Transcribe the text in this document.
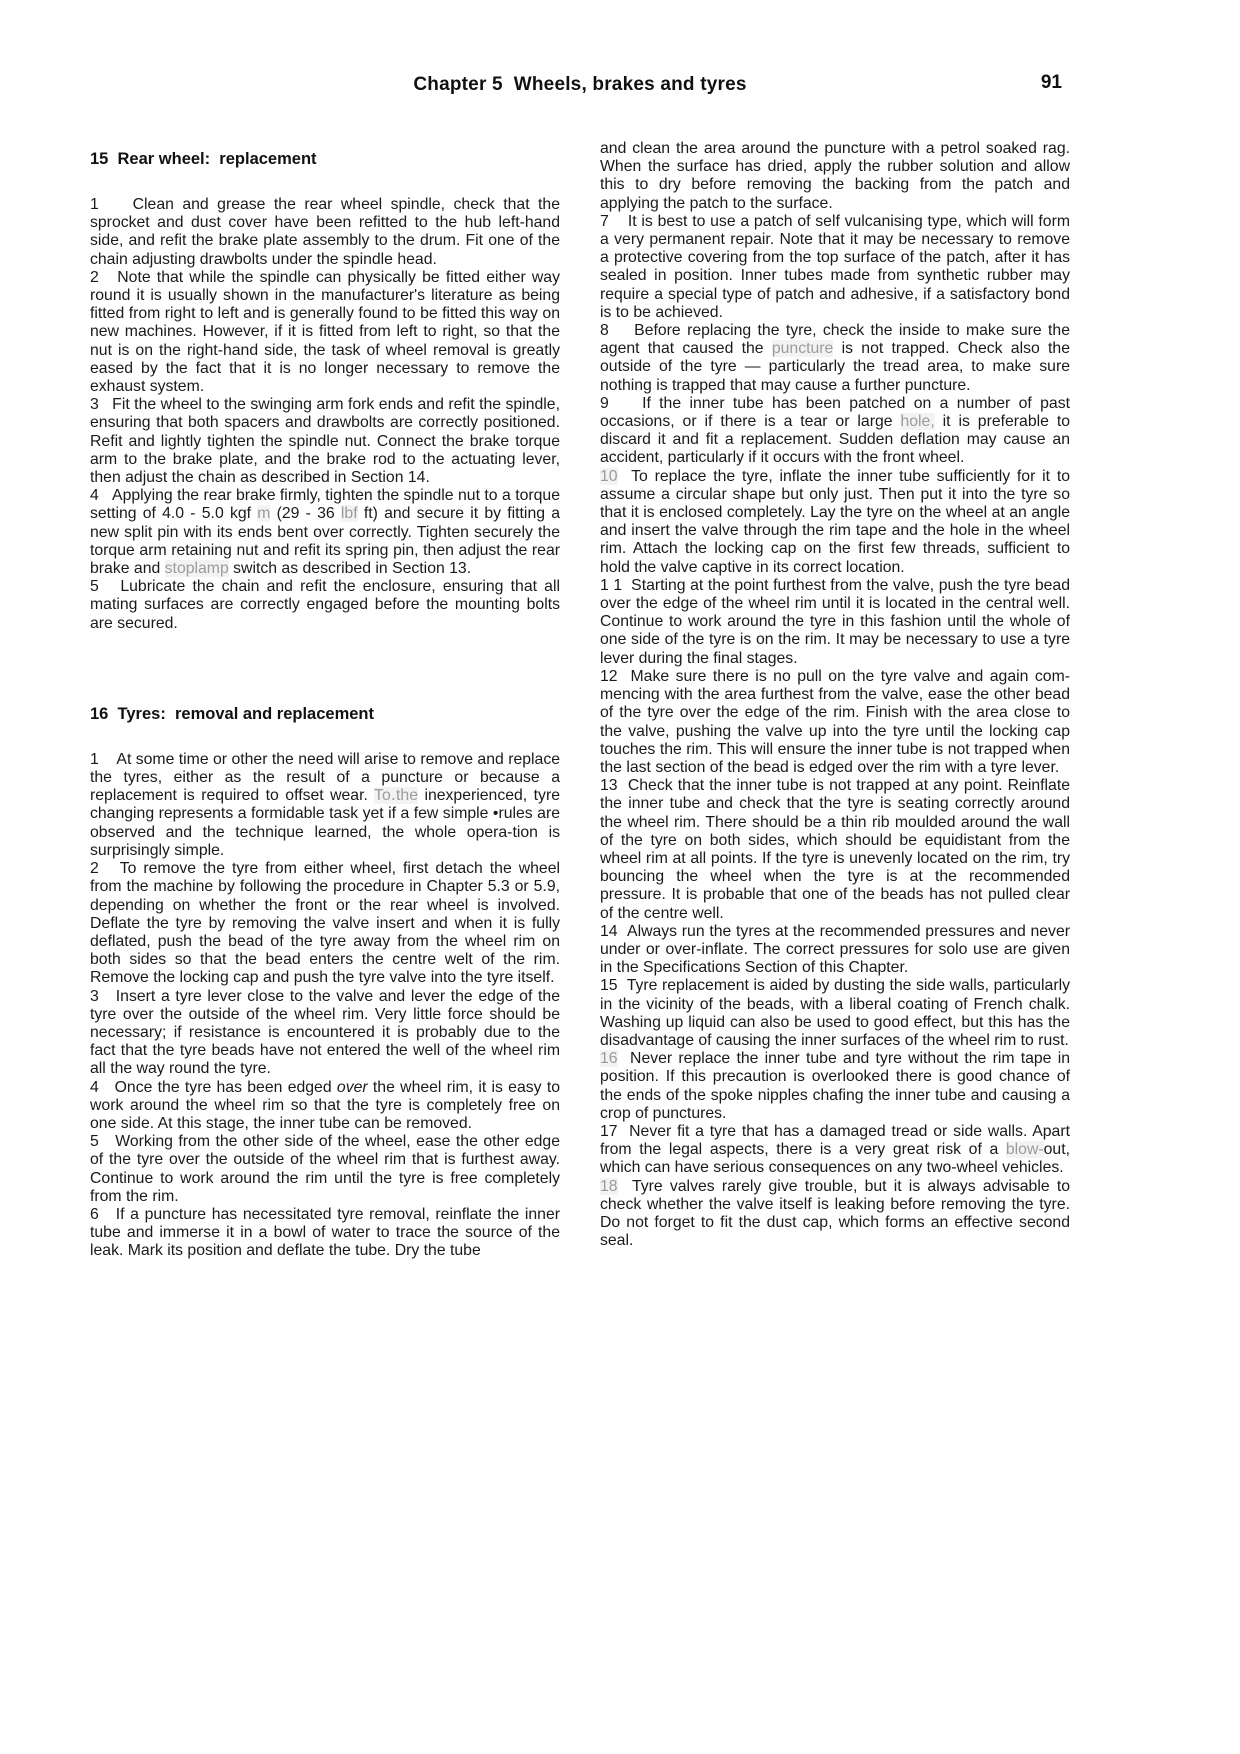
Chapter 5  Wheels, brakes and tyres	91
15  Rear wheel:  replacement

1    Clean and grease the rear wheel spindle, check that the sprocket and dust cover have been refitted to the hub left-hand side, and refit the brake plate assembly to the drum. Fit one of the chain adjusting drawbolts under the spindle head.

2   Note that while the spindle can physically be fitted either way round it is usually shown in the manufacturer's literature as being fitted from right to left and is generally found to be fitted this way on new machines. However, if it is fitted from left to right, so that the nut is on the right-hand side, the task of wheel removal is greatly eased by the fact that it is no longer necessary to remove the exhaust system.

3   Fit the wheel to the swinging arm fork ends and refit the spindle, ensuring that both spacers and drawbolts are correctly positioned. Refit and lightly tighten the spindle nut. Connect the brake torque arm to the brake plate, and the brake rod to the actuating lever, then adjust the chain as described in Section 14.

4   Applying the rear brake firmly, tighten the spindle nut to a torque setting of 4.0 - 5.0 kgf m (29 - 36 lbf ft) and secure it by fitting a new split pin with its ends bent over correctly. Tighten securely the torque arm retaining nut and refit its spring pin, then adjust the rear brake and stoplamp switch as described in Section 13.

5   Lubricate the chain and refit the enclosure, ensuring that all mating surfaces are correctly engaged before the mounting bolts are secured.

16  Tyres:  removal and replacement

1    At some time or other the need will arise to remove and replace the tyres, either as the result of a puncture or because a replacement is required to offset wear. To․the inexperienced, tyre changing represents a formidable task yet if a few simple •rules are observed and the technique learned, the whole opera-tion is surprisingly simple.

2   To remove the tyre from either wheel, first detach the wheel from the machine by following the procedure in Chapter 5.3 or 5.9, depending on whether the front or the rear wheel is involved. Deflate the tyre by removing the valve insert and when it is fully deflated, push the bead of the tyre away from the wheel rim on both sides so that the bead enters the centre welt of the rim. Remove the locking cap and push the tyre valve into the tyre itself.

3   Insert a tyre lever close to the valve and lever the edge of the tyre over the outside of the wheel rim. Very little force should be necessary; if resistance is encountered it is probably due to the fact that the tyre beads have not entered the well of the wheel rim all the way round the tyre.

4   Once the tyre has been edged over the wheel rim, it is easy to work around the wheel rim so that the tyre is completely free on one side. At this stage, the inner tube can be removed.

5   Working from the other side of the wheel, ease the other edge of the tyre over the outside of the wheel rim that is furthest away. Continue to work around the rim until the tyre is free completely from the rim.

6   If a puncture has necessitated tyre removal, reinflate the inner tube and immerse it in a bowl of water to trace the source of the leak. Mark its position and deflate the tube. Dry the tube

and clean the area around the puncture with a petrol soaked rag. When the surface has dried, apply the rubber solution and allow this to dry before removing the backing from the patch and applying the patch to the surface.

7    It is best to use a patch of self vulcanising type, which will form a very permanent repair. Note that it may be necessary to remove a protective covering from the top surface of the patch, after it has sealed in position. Inner tubes made from synthetic rubber may require a special type of patch and adhesive, if a satisfactory bond is to be achieved.

8    Before replacing the tyre, check the inside to make sure the agent that caused the puncture is not trapped. Check also the outside of the tyre — particularly the tread area, to make sure nothing is trapped that may cause a further puncture.

9    If the inner tube has been patched on a number of past occasions, or if there is a tear or large hole, it is preferable to discard it and fit a replacement. Sudden deflation may cause an accident, particularly if it occurs with the front wheel.

10  To replace the tyre, inflate the inner tube sufficiently for it to assume a circular shape but only just. Then put it into the tyre so that it is enclosed completely. Lay the tyre on the wheel at an angle and insert the valve through the rim tape and the hole in the wheel rim. Attach the locking cap on the first few threads, sufficient to hold the valve captive in its correct location.

1 1  Starting at the point furthest from the valve, push the tyre bead over the edge of the wheel rim until it is located in the central well. Continue to work around the tyre in this fashion until the whole of one side of the tyre is on the rim. It may be necessary to use a tyre lever during the final stages.

12  Make sure there is no pull on the tyre valve and again com-mencing with the area furthest from the valve, ease the other bead of the tyre over the edge of the rim. Finish with the area close to the valve, pushing the valve up into the tyre until the locking cap touches the rim. This will ensure the inner tube is not trapped when the last section of the bead is edged over the rim with a tyre lever.

13  Check that the inner tube is not trapped at any point. Reinflate the inner tube and check that the tyre is seating correctly around the wheel rim. There should be a thin rib moulded around the wall of the tyre on both sides, which should be equidistant from the wheel rim at all points. If the tyre is unevenly located on the rim, try bouncing the wheel when the tyre is at the recommended pressure. It is probable that one of the beads has not pulled clear of the centre well.

14  Always run the tyres at the recommended pressures and never under or over-inflate. The correct pressures for solo use are given in the Specifications Section of this Chapter.

15  Tyre replacement is aided by dusting the side walls, particularly in the vicinity of the beads, with a liberal coating of French chalk. Washing up liquid can also be used to good effect, but this has the disadvantage of causing the inner surfaces of the wheel rim to rust.

16  Never replace the inner tube and tyre without the rim tape in position. If this precaution is overlooked there is good chance of the ends of the spoke nipples chafing the inner tube and causing a crop of punctures.

17  Never fit a tyre that has a damaged tread or side walls. Apart from the legal aspects, there is a very great risk of a blow-out, which can have serious consequences on any two-wheel vehicles.

18  Tyre valves rarely give trouble, but it is always advisable to check whether the valve itself is leaking before removing the tyre. Do not forget to fit the dust cap, which forms an effective second seal.
